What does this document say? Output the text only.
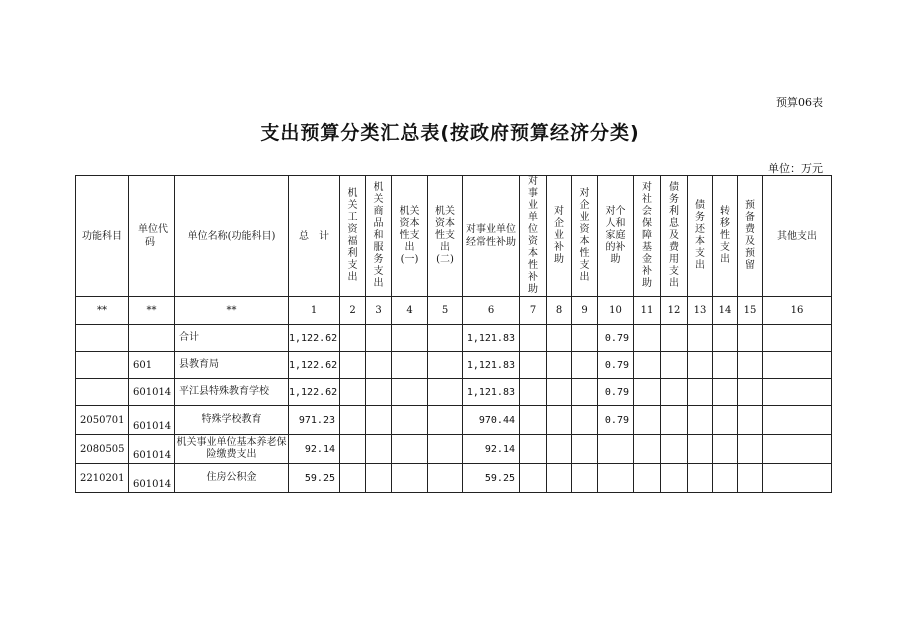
预算06表
支出预算分类汇总表(按政府预算经济分类)
单位：万元
功能科目	单位代码	单位名称(功能科目)	总　计	机关工资福利支出	机关商品和服务支出	机关资本性支出(一)	机关资本性支出(二)	对事业单位经常性补助	对事业单位资本性补助	对企业补助	对企业资本性支出	对个人和家庭的补助	对社会保障基金补助	债务利息及费用支出	债务还本支出	转移性支出	预备费及预留	其他支出
**	**	**	1	2	3	4	5	6	7	8	9	10	11	12	13	14	15	16
		合计	1,122.62					1,121.83				0.79						
	601	县教育局	1,122.62					1,121.83				0.79						
	601014	平江县特殊教育学校	1,122.62					1,121.83				0.79						
2050701	601014	特殊学校教育	971.23					970.44				0.79						
2080505	601014	机关事业单位基本养老保险缴费支出	92.14					92.14										
2210201	601014	住房公积金	59.25					59.25										
